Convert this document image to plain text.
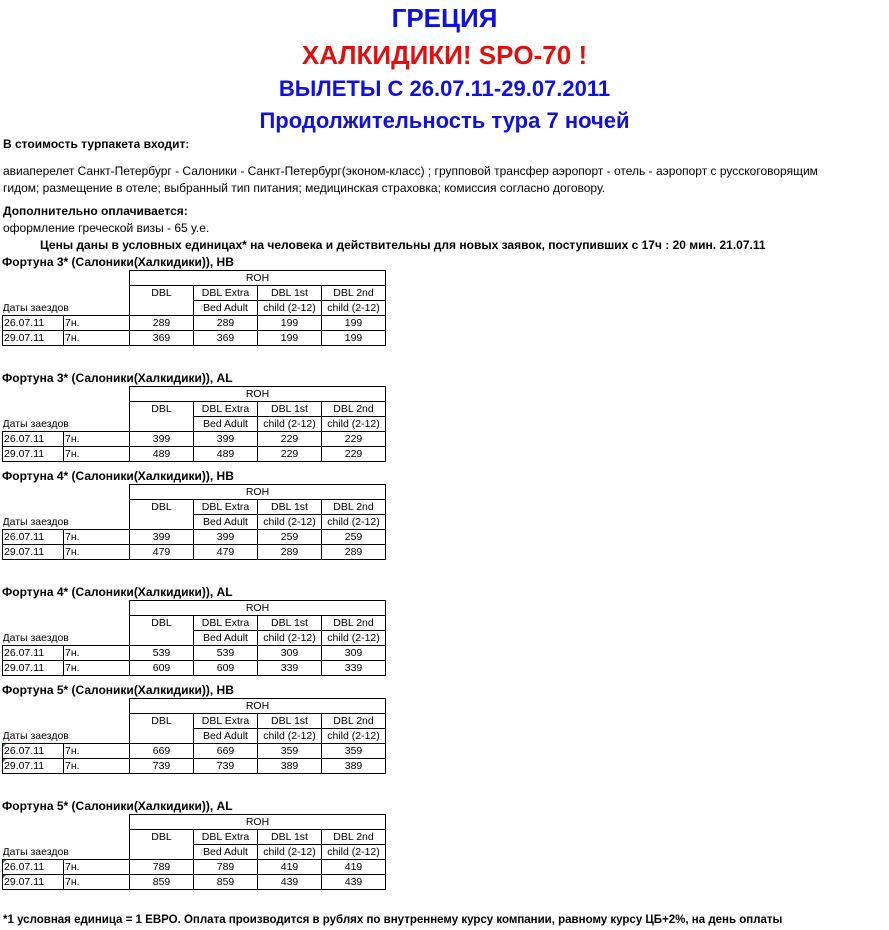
ГРЕЦИЯ
ХАЛКИДИКИ! SPO-70 !
ВЫЛЕТЫ С 26.07.11-29.07.2011
Продолжительность тура 7 ночей
В стоимость турпакета входит:
авиаперелет Санкт-Петербург - Салоники - Санкт-Петербург(эконом-класс) ; групповой трансфер аэропорт - отель - аэропорт с русскоговорящим
гидом; размещение в отеле; выбранный тип питания; медицинская страховка; комиссия согласно договору.
Дополнительно оплачивается:
оформление греческой визы - 65 у.е.
Цены даны в условных единицах* на человека и действительны для новых заявок, поступивших с 17ч : 20 мин. 21.07.11
Фортуна 3* (Салоники(Халкидики)), HB
		ROH			
		DBL	DBL Extra	DBL 1st	DBL 2nd
Даты заездов			Bed Adult	child (2-12)	child (2-12)
26.07.11	7н.	289	289	199	199
29.07.11	7н.	369	369	199	199
Фортуна 3* (Салоники(Халкидики)), AL
		ROH			
		DBL	DBL Extra	DBL 1st	DBL 2nd
Даты заездов			Bed Adult	child (2-12)	child (2-12)
26.07.11	7н.	399	399	229	229
29.07.11	7н.	489	489	229	229
Фортуна 4* (Салоники(Халкидики)), HB
		ROH			
		DBL	DBL Extra	DBL 1st	DBL 2nd
Даты заездов			Bed Adult	child (2-12)	child (2-12)
26.07.11	7н.	399	399	259	259
29.07.11	7н.	479	479	289	289
Фортуна 4* (Салоники(Халкидики)), AL
		ROH			
		DBL	DBL Extra	DBL 1st	DBL 2nd
Даты заездов			Bed Adult	child (2-12)	child (2-12)
26.07.11	7н.	539	539	309	309
29.07.11	7н.	609	609	339	339
Фортуна 5* (Салоники(Халкидики)), HB
		ROH			
		DBL	DBL Extra	DBL 1st	DBL 2nd
Даты заездов			Bed Adult	child (2-12)	child (2-12)
26.07.11	7н.	669	669	359	359
29.07.11	7н.	739	739	389	389
Фортуна 5* (Салоники(Халкидики)), AL
		ROH			
		DBL	DBL Extra	DBL 1st	DBL 2nd
Даты заездов			Bed Adult	child (2-12)	child (2-12)
26.07.11	7н.	789	789	419	419
29.07.11	7н.	859	859	439	439
*1 условная единица = 1 ЕВРО. Оплата производится в рублях по внутреннему курсу компании, равному курсу ЦБ+2%, на день оплаты
